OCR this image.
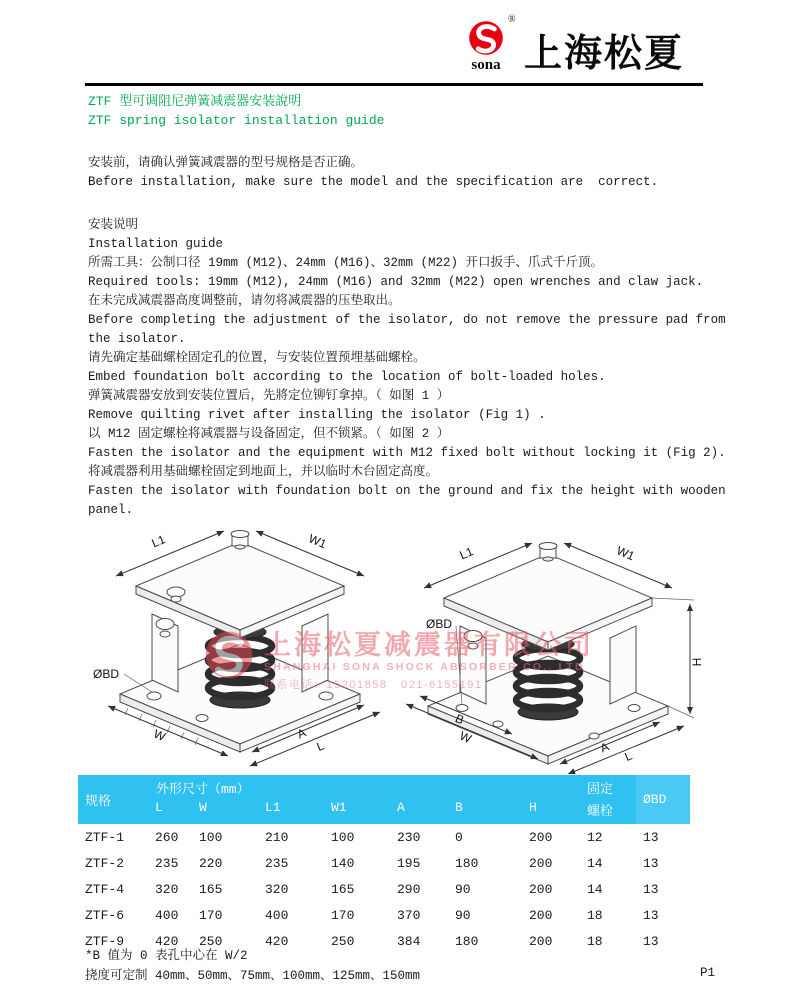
®
sona 上海松夏
ZTF 型可调阻尼弹簧减震器安装說明
ZTF spring isolator installation guide
安装前，请确认弹簧减震器的型号规格是否正确。
Before installation, make sure the model and the specification are  correct.
安装说明
Installation guide
所需工具：公制口径 19mm (M12)、24mm (M16)、32mm (M22) 开口扳手、爪式千斤顶。
Required tools: 19mm (M12), 24mm (M16) and 32mm (M22) open wrenches and claw jack.
在未完成减震器高度调整前，请勿将减震器的压垫取出。
Before completing the adjustment of the isolator, do not remove the pressure pad from
the isolator.
请先确定基础螺栓固定孔的位置，与安装位置预埋基础螺栓。
Embed foundation bolt according to the location of bolt-loaded holes.
弹簧减震器安放到安装位置后，先將定位铆钉拿掉。（ 如图 1 ）
Remove quilting rivet after installing the isolator (Fig 1) .
以 M12 固定螺栓将减震器与设备固定，但不锁紧。（ 如图 2 ）
Fasten the isolator and the equipment with M12 fixed bolt without locking it (Fig 2).
将减震器利用基础螺栓固定到地面上，并以临时木台固定高度。
Fasten the isolator with foundation bolt on the ground and fix the height with wooden
panel.
L1	W1
A
L
W
ØBD
L1	W1
H
A
L
B
W
ØBD
上海松夏减震器有限公司
SHANGHAI SONA SHOCK ABSORBER CO., LTD
联系电话：15201858   021-6155191
规格	外形尺寸（mm）							固定	ØBD
	L	W	L1	W1	A	B	H	螺栓	
ZTF-1	260	100	210	100	230	0	200	12	13
ZTF-2	235	220	235	140	195	180	200	14	13
ZTF-4	320	165	320	165	290	90	200	14	13
ZTF-6	400	170	400	170	370	90	200	18	13
ZTF-9	420	250	420	250	384	180	200	18	13
*B 值为 0 表孔中心在 W/2
挠度可定制 40mm、50mm、75mm、100mm、125mm、150mm	P1
